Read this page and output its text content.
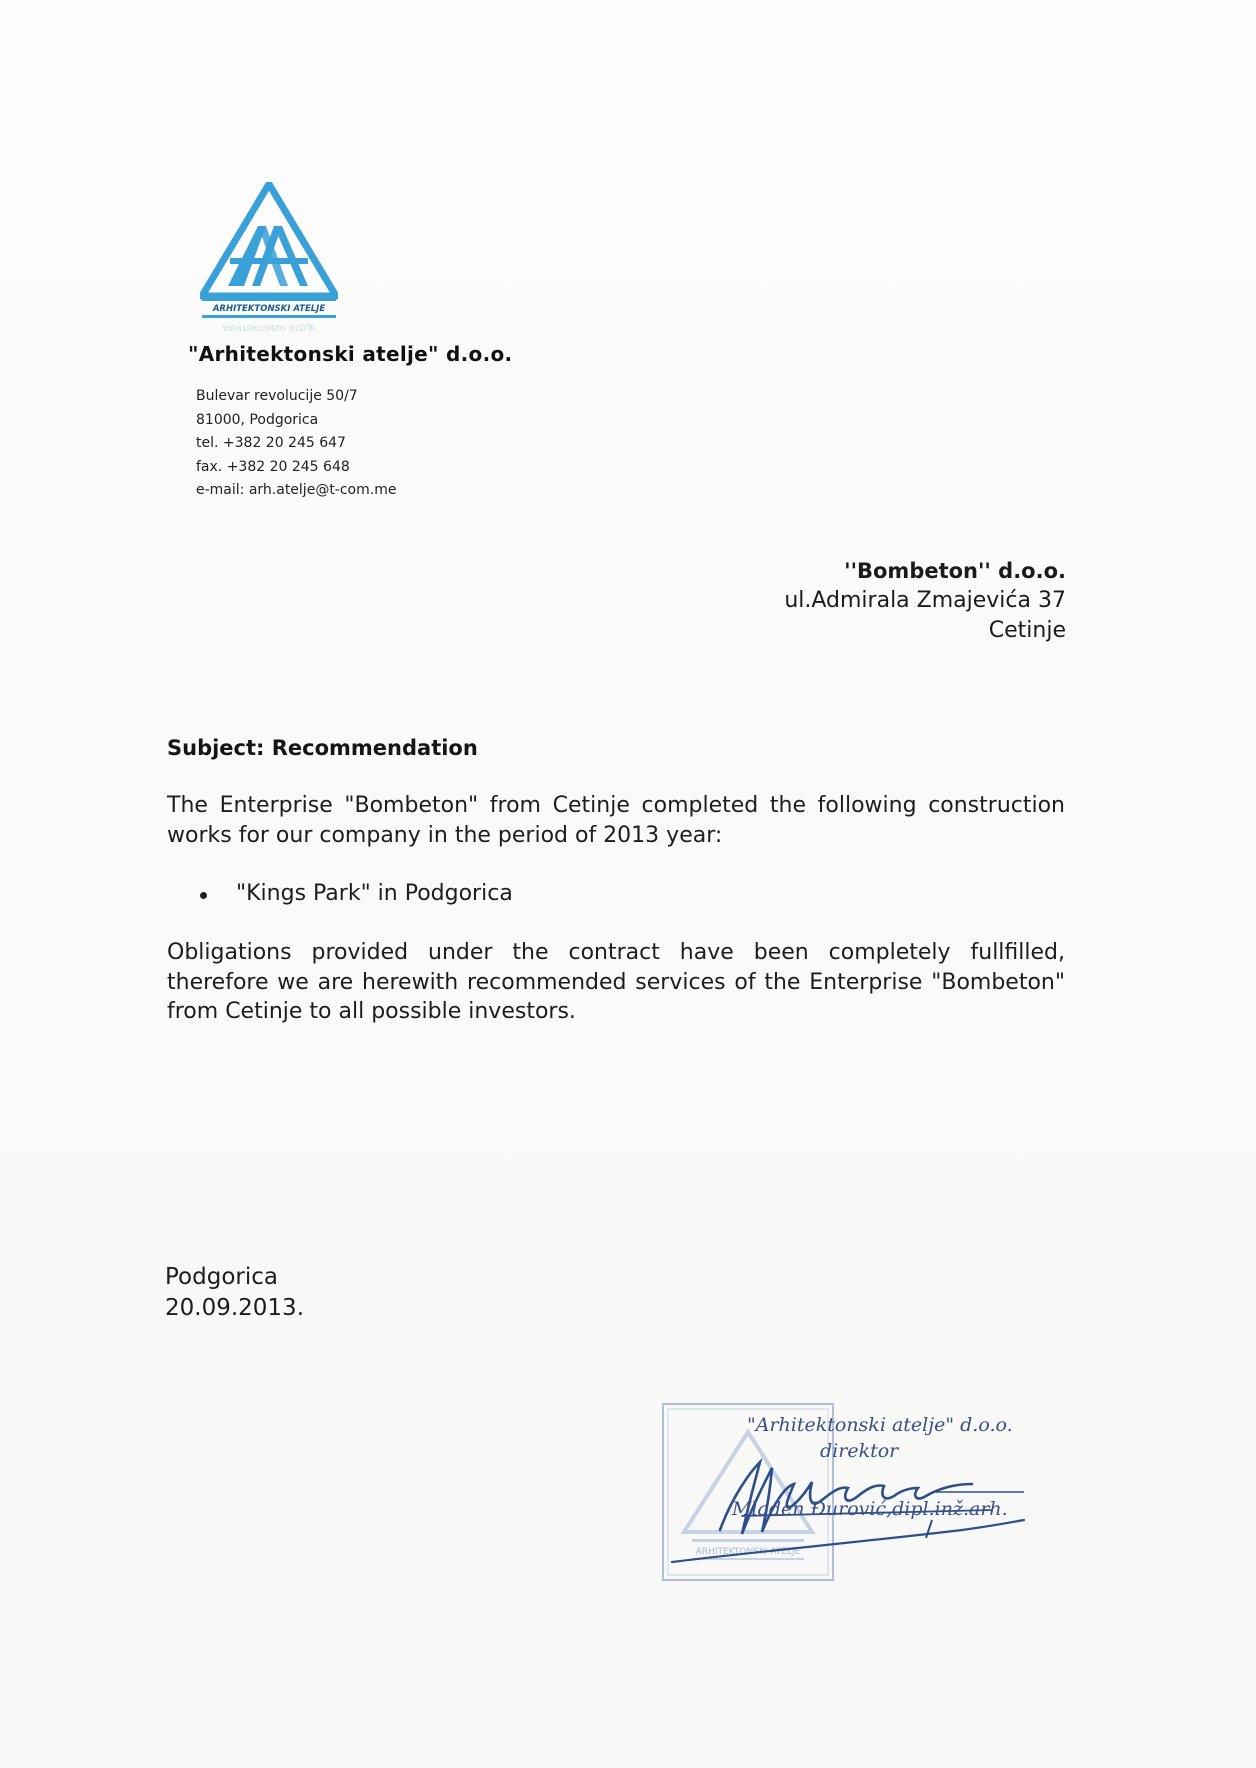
ARHITEKTONSKI ATELJE
ARHITEKTONSKI ATELJE
"Arhitektonski atelje" d.o.o.
Bulevar revolucije 50/7
81000, Podgorica
tel. +382 20 245 647
fax. +382 20 245 648
e-mail: arh.atelje@t-com.me
''Bombeton'' d.o.o.
ul.Admirala Zmajevića 37
Cetinje
Subject: Recommendation
The Enterprise "Bombeton" from Cetinje completed the following construction works for our company in the period of 2013 year:
"Kings Park" in Podgorica
Obligations provided under the contract have been completely fullfilled, therefore we are herewith recommended services of the Enterprise "Bombeton" from Cetinje to all possible investors.
Podgorica
20.09.2013.
ARHITEKTONSKI ATELJE
"Arhitektonski atelje" d.o.o.
direktor
Mladen Đurović,dipl.inž.arh.
